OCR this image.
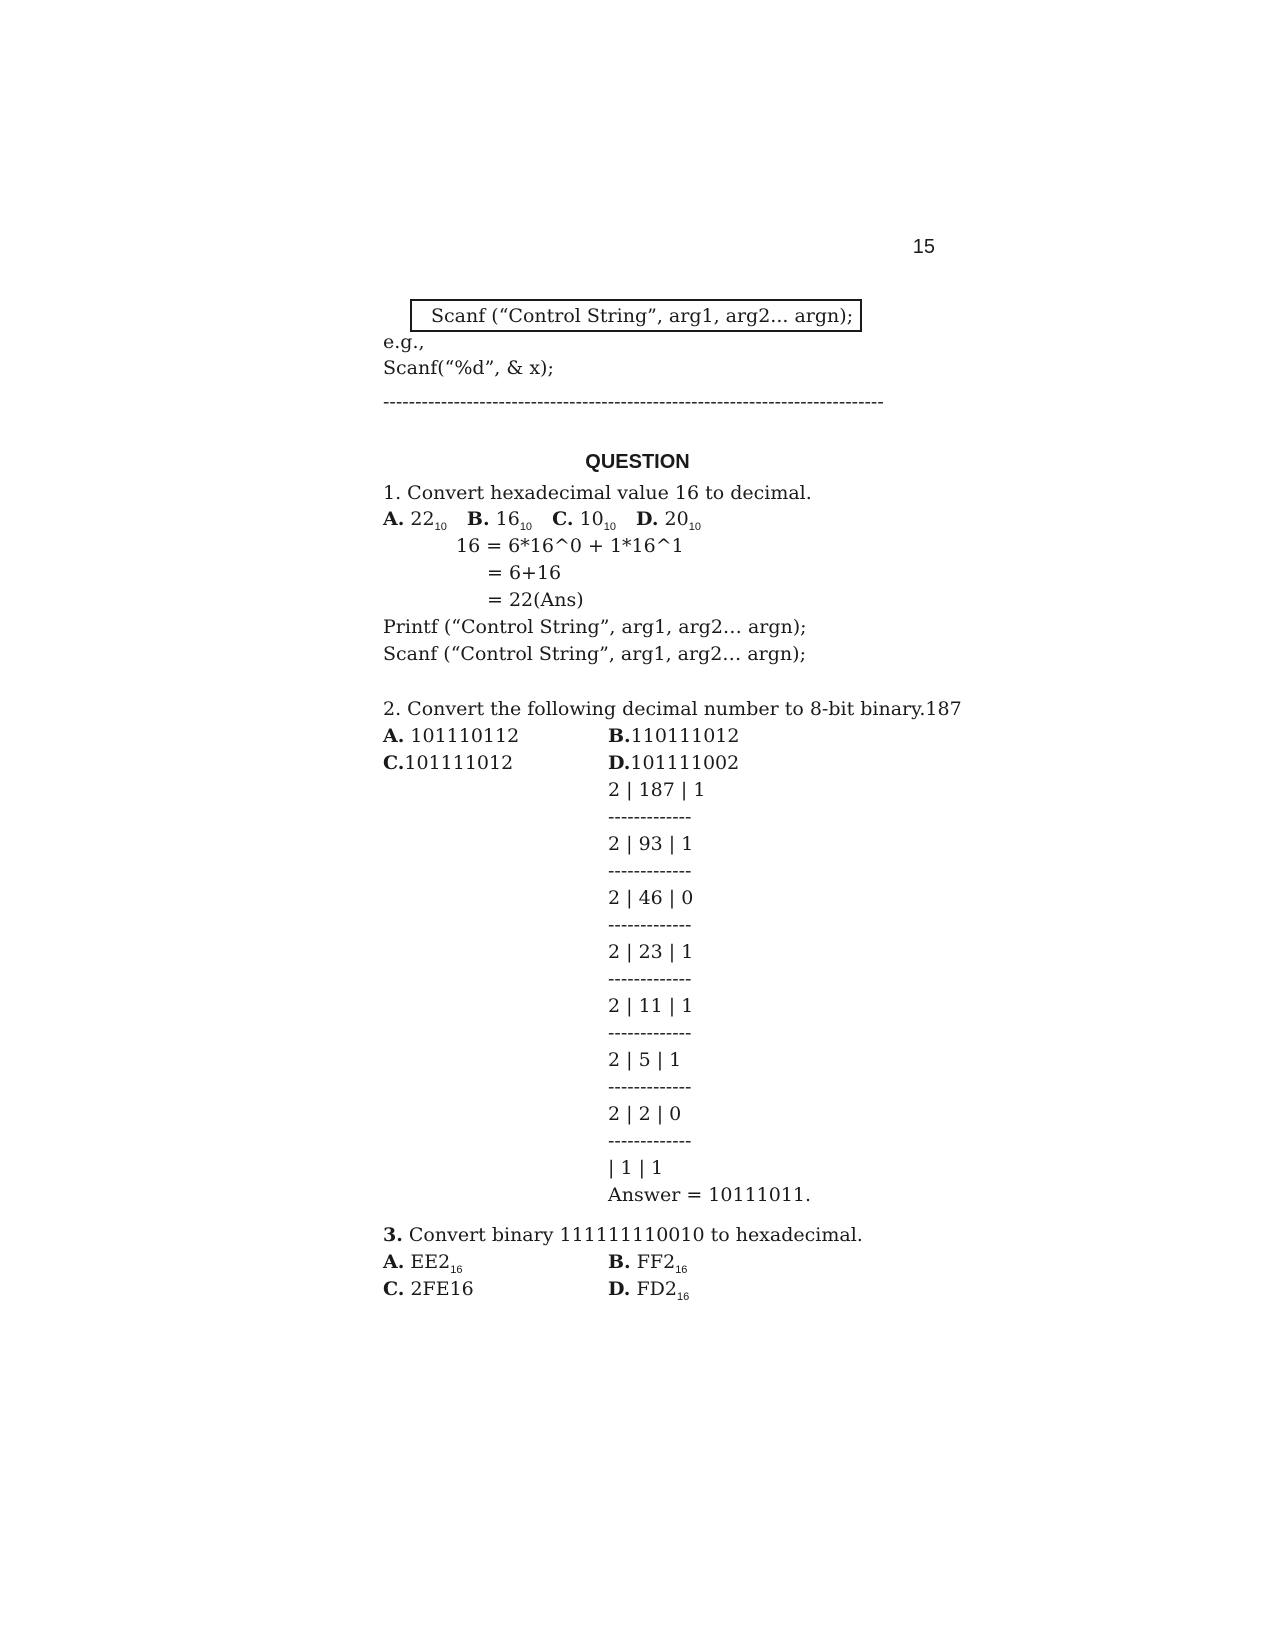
15
Scanf (“Control String”, arg1, arg2... argn);
e.g.,
Scanf(“%d”, & x);
------------------------------------------------------------------------------
QUESTION
1. Convert hexadecimal value 16 to decimal.
A. $22_{10}$ B. $16_{10}$ C. $10_{10}$ D. $20_{10}$
16 = 6*16^0 + 1*16^1
= 6+16
= 22(Ans)
Printf (“Control String”, arg1, arg2… argn);
Scanf (“Control String”, arg1, arg2… argn);
2. Convert the following decimal number to 8-bit binary.187
A. 101110112	B.110111012
C.101111012	D.101111002
2 | 187 | 1
-------------
2 | 93 | 1
-------------
2 | 46 | 0
-------------
2 | 23 | 1
-------------
2 | 11 | 1
-------------
2 | 5 | 1
-------------
2 | 2 | 0
-------------
| 1 | 1
Answer = 10111011.
3. Convert binary 111111110010 to hexadecimal.
A. $EE2_{16}$	B. $FF2_{16}$
C. 2FE16	D. $FD2_{16}$
